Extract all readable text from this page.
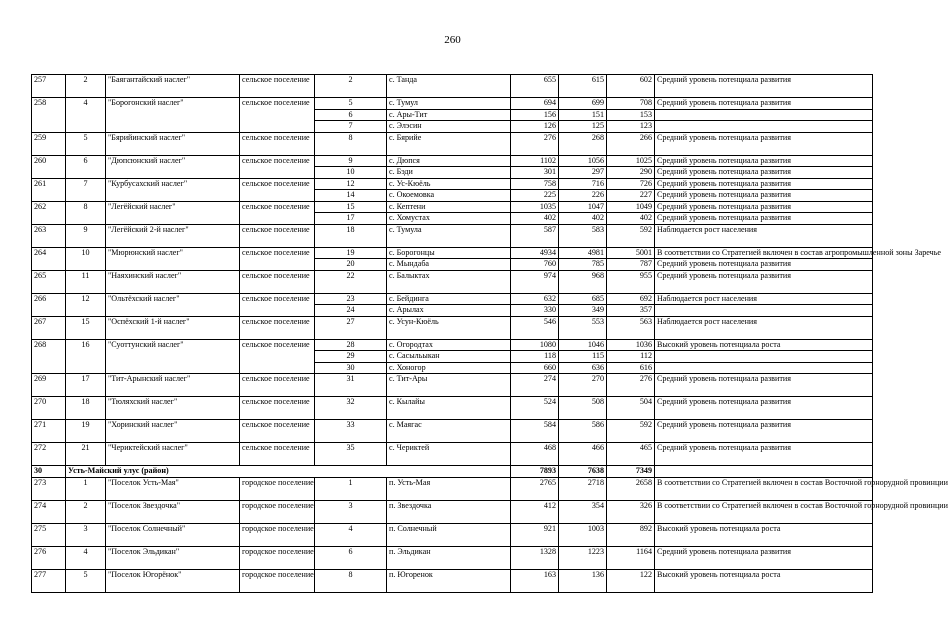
260
257	2	"Баягантайский наслег"	сельское поселение	2	с. Танда	655	615	602	Средний уровень потенциала развития
258	4	"Борогонский наслег"	сельское поселение	5	с. Тумул	694	699	708	Средний уровень потенциала развития
				6	с. Ары-Тит	156	151	153	
				7	с. Элэсин	126	125	123	
259	5	"Бярийинский наслег"	сельское поселение	8	с. Бярийе	276	268	266	Средний уровень потенциала развития
260	6	"Дюпсюнский наслег"	сельское поселение	9	с. Дюпся	1102	1056	1025	Средний уровень потенциала развития
				10	с. Бэди	301	297	290	Средний уровень потенциала развития
261	7	"Курбусахский наслег"	сельское поселение	12	с. Ус-Кюёль	758	716	726	Средний уровень потенциала развития
				14	с. Окоемовка	225	226	227	Средний уровень потенциала развития
262	8	"Легёйский наслег"	сельское поселение	15	с. Кептени	1035	1047	1049	Средний уровень потенциала развития
				17	с. Хомустах	402	402	402	Средний уровень потенциала развития
263	9	"Легёйский 2-й наслег"	сельское поселение	18	с. Тумула	587	583	592	Наблюдается рост населения
264	10	"Мюрюнский наслег"	сельское поселение	19	с. Борогонцы	4934	4981	5001	В соответствии со Стратегией включен в состав агропромышленной зоны Заречье
				20	с. Мындаба	760	785	787	Средний уровень потенциала развития
265	11	"Наяхинский наслег"	сельское поселение	22	с. Балыктах	974	968	955	Средний уровень потенциала развития
266	12	"Ольтёхский наслег"	сельское поселение	23	с. Бейдинга	632	685	692	Наблюдается рост населения
				24	с. Арылах	330	349	357	
267	15	"Оспёхский 1-й наслег"	сельское поселение	27	с. Усун-Кюёль	546	553	563	Наблюдается рост населения
268	16	"Суоттунский наслег"	сельское поселение	28	с. Огородтах	1080	1046	1036	Высокий уровень потенциала роста
				29	с. Сасыльыкан	118	115	112	
				30	с. Хоногор	660	636	616	
269	17	"Тит-Арынский наслег"	сельское поселение	31	с. Тит-Ары	274	270	276	Средний уровень потенциала развития
270	18	"Тюляхский наслег"	сельское поселение	32	с. Кылайы	524	508	504	Средний уровень потенциала развития
271	19	"Хоринский наслег"	сельское поселение	33	с. Маягас	584	586	592	Средний уровень потенциала развития
272	21	"Чериктейский наслег"	сельское поселение	35	с. Чериктей	468	466	465	Средний уровень потенциала развития
30	Усть-Майский улус (район)					7893	7638	7349	
273	1	"Поселок Усть-Мая"	городское поселение	1	п. Усть-Мая	2765	2718	2658	В соответствии со Стратегией включен в состав Восточной горнорудной провинции
274	2	"Поселок Звездочка"	городское поселение	3	п. Звездочка	412	354	326	В соответствии со Стратегией включен в состав Восточной горнорудной провинции
275	3	"Поселок Солнечный"	городское поселение	4	п. Солнечный	921	1003	892	Высокий уровень потенциала роста
276	4	"Поселок Эльдикан"	городское поселение	6	п. Эльдикан	1328	1223	1164	Средний уровень потенциала развития
277	5	"Поселок Югорёнок"	городское поселение	8	п. Югоренок	163	136	122	Высокий уровень потенциала роста
